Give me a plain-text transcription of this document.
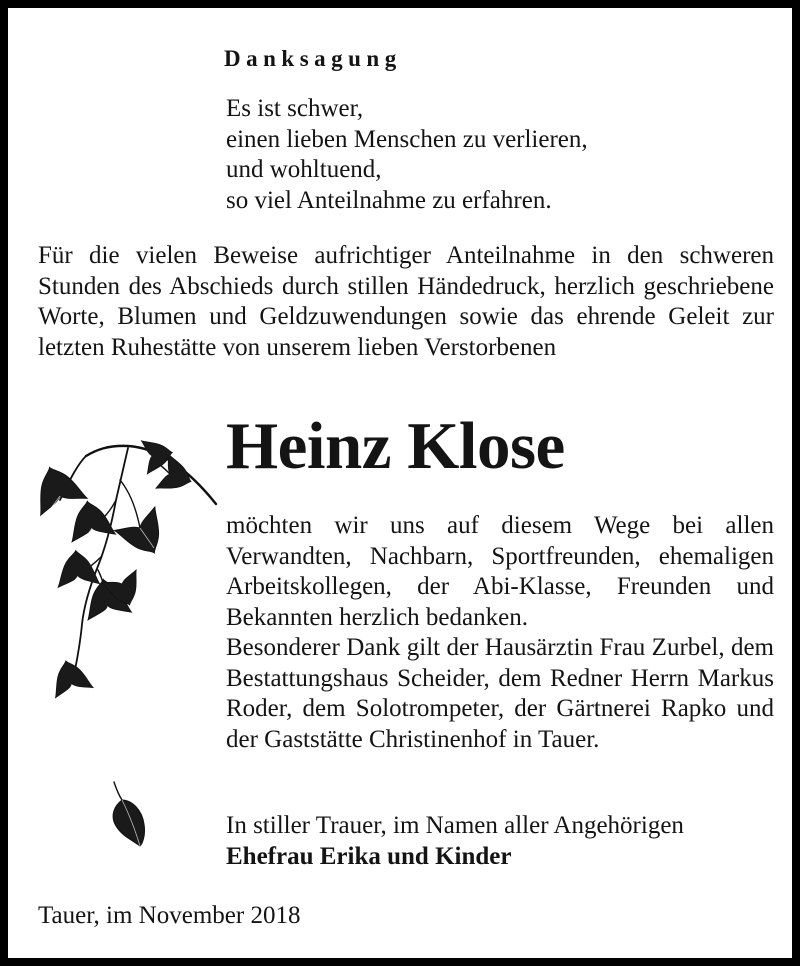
Danksagung
Es ist schwer,
einen lieben Menschen zu verlieren,
und wohltuend,
so viel Anteilnahme zu erfahren.
Für die vielen Beweise aufrichtiger Anteilnahme in den schweren Stunden des Abschieds durch stillen Händedruck, herzlich geschriebene Worte, Blumen und Geldzuwendungen sowie das ehrende Geleit zur letzten Ruhestätte von unserem lieben Verstorbenen
Heinz Klose
möchten wir uns auf diesem Wege bei allen Verwandten, Nachbarn, Sportfreunden, ehemaligen Arbeitskollegen, der Abi-Klasse, Freunden und Bekannten herzlich bedanken.
Besonderer Dank gilt der Hausärztin Frau Zurbel, dem Bestattungshaus Scheider, dem Redner Herrn Markus Roder, dem Solotrompeter, der Gärtnerei Rapko und der Gaststätte Christinenhof in Tauer.
In stiller Trauer, im Namen aller Angehörigen
Ehefrau Erika und Kinder
Tauer, im November 2018
